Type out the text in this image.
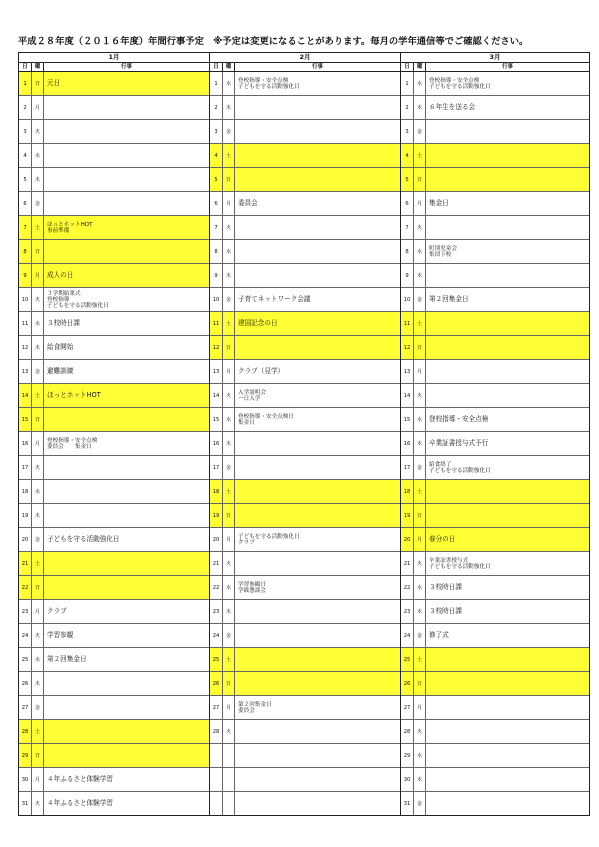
平成２８年度（２０１６年度）年間行事予定　※予定は変更になることがあります。毎月の学年通信等でご確認ください。
1月
日	曜	行事
1	日	元日
2	月
3	火
4	水
5	木
6	金
7	土
ほっとホットHOT
事前準備
8	日
9	月	成人の日
10	火
３学期始業式
登校指導
子どもを守る活動強化日
11	水	３校時日課
12	木	給食開始
13	金	避難訓練
14	土	ほっとホットHOT
15	日
16	月
登校指導・安全点検
委員会　　集金日
17	火
18	水
19	木
20	金	子どもを守る活動強化日
21	土
22	日
23	月	クラブ
24	火	学習参観
25	水	第２回集金日
26	木
27	金
28	土
29	日
30	月	４年ふるさと体験学習
31	火	４年ふるさと体験学習
2月
日	曜	行事
1	水
登校指導・安全点検
子どもを守る活動強化日
2	木
3	金
4	土
5	日
6	月	委員会
7	火
8	水
9	木
10	金	子育てネットワーク会議
11	土	建国記念の日
12	日
13	月	クラブ（見学）
14	火
入学説明会
一日入学
15	水
登校指導・安全点検日
集金日
16	木
17	金
18	土
19	日
20	月
子どもを守る活動強化日
クラブ
21	火
22	水
学習参観日
学級懇談会
23	木
24	金
25	土
26	日
27	月
第２回集金日
委員会
28	火
3月
日	曜	行事
1	水
登校指導・安全点検
子どもを守る活動強化日
2	木	６年生を送る会
3	金
4	土
5	日
6	月	集金日
7	火
8	水
町別児童会
集団下校
9	木
10	金	第２回集金日
11	土
12	日
13	月
14	火
15	水	登校指導・安全点検
16	木	卒業証書授与式予行
17	金
給食終了
子どもを守る活動強化日
18	土
19	日
20	月	春分の日
21	火
卒業証書授与式
子どもを守る活動強化日
22	水	３校時日課
23	木	３校時日課
24	金	修了式
25	土
26	日
27	月
28	火
29	水
30	木
31	金
